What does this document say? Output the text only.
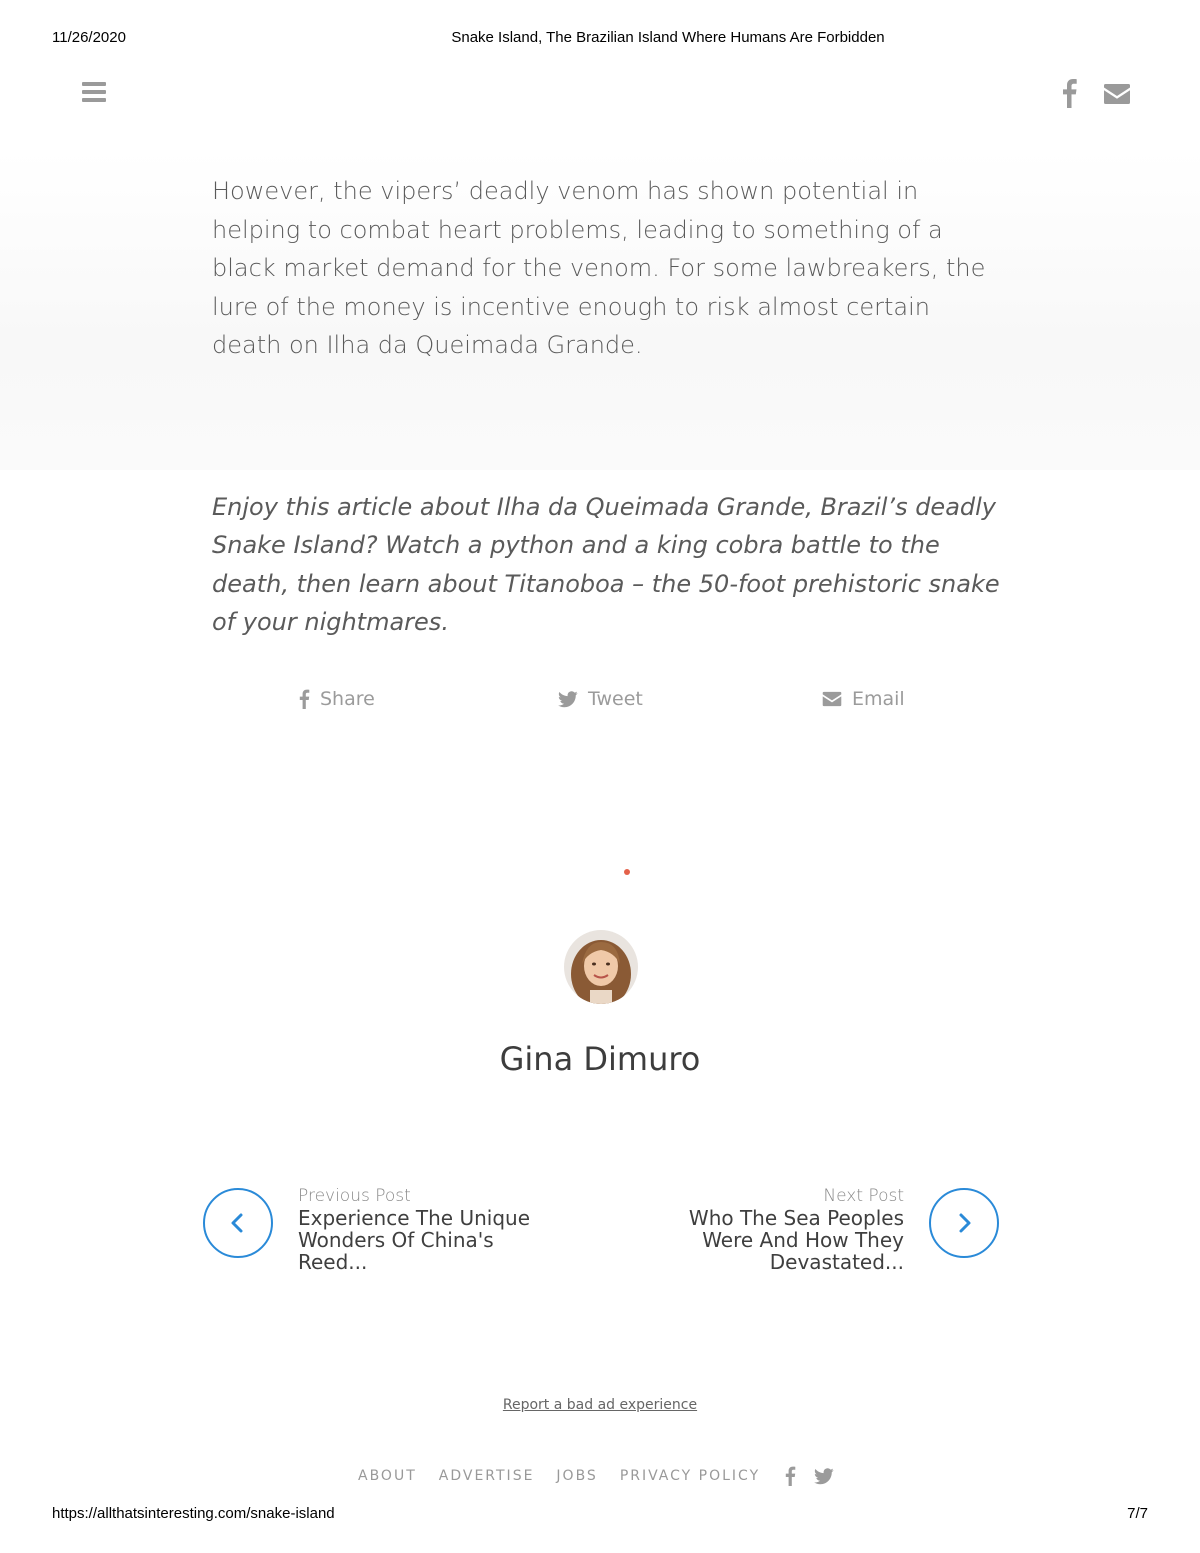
11/26/2020	Snake Island, The Brazilian Island Where Humans Are Forbidden
However, the vipers’ deadly venom has shown potential in helping to combat heart problems, leading to something of a black market demand for the venom. For some lawbreakers, the lure of the money is incentive enough to risk almost certain death on Ilha da Queimada Grande.
Enjoy this article about Ilha da Queimada Grande, Brazil’s deadly Snake Island? Watch a python and a king cobra battle to the death, then learn about Titanoboa – the 50-foot prehistoric snake of your nightmares.
Share	Tweet	Email
Gina Dimuro
Previous Post
Experience The Unique Wonders Of China's Reed...
Next Post
Who The Sea Peoples Were And How They Devastated...
Report a bad ad experience
ABOUT ADVERTISE JOBS PRIVACY POLICY
https://allthatsinteresting.com/snake-island	7/7
